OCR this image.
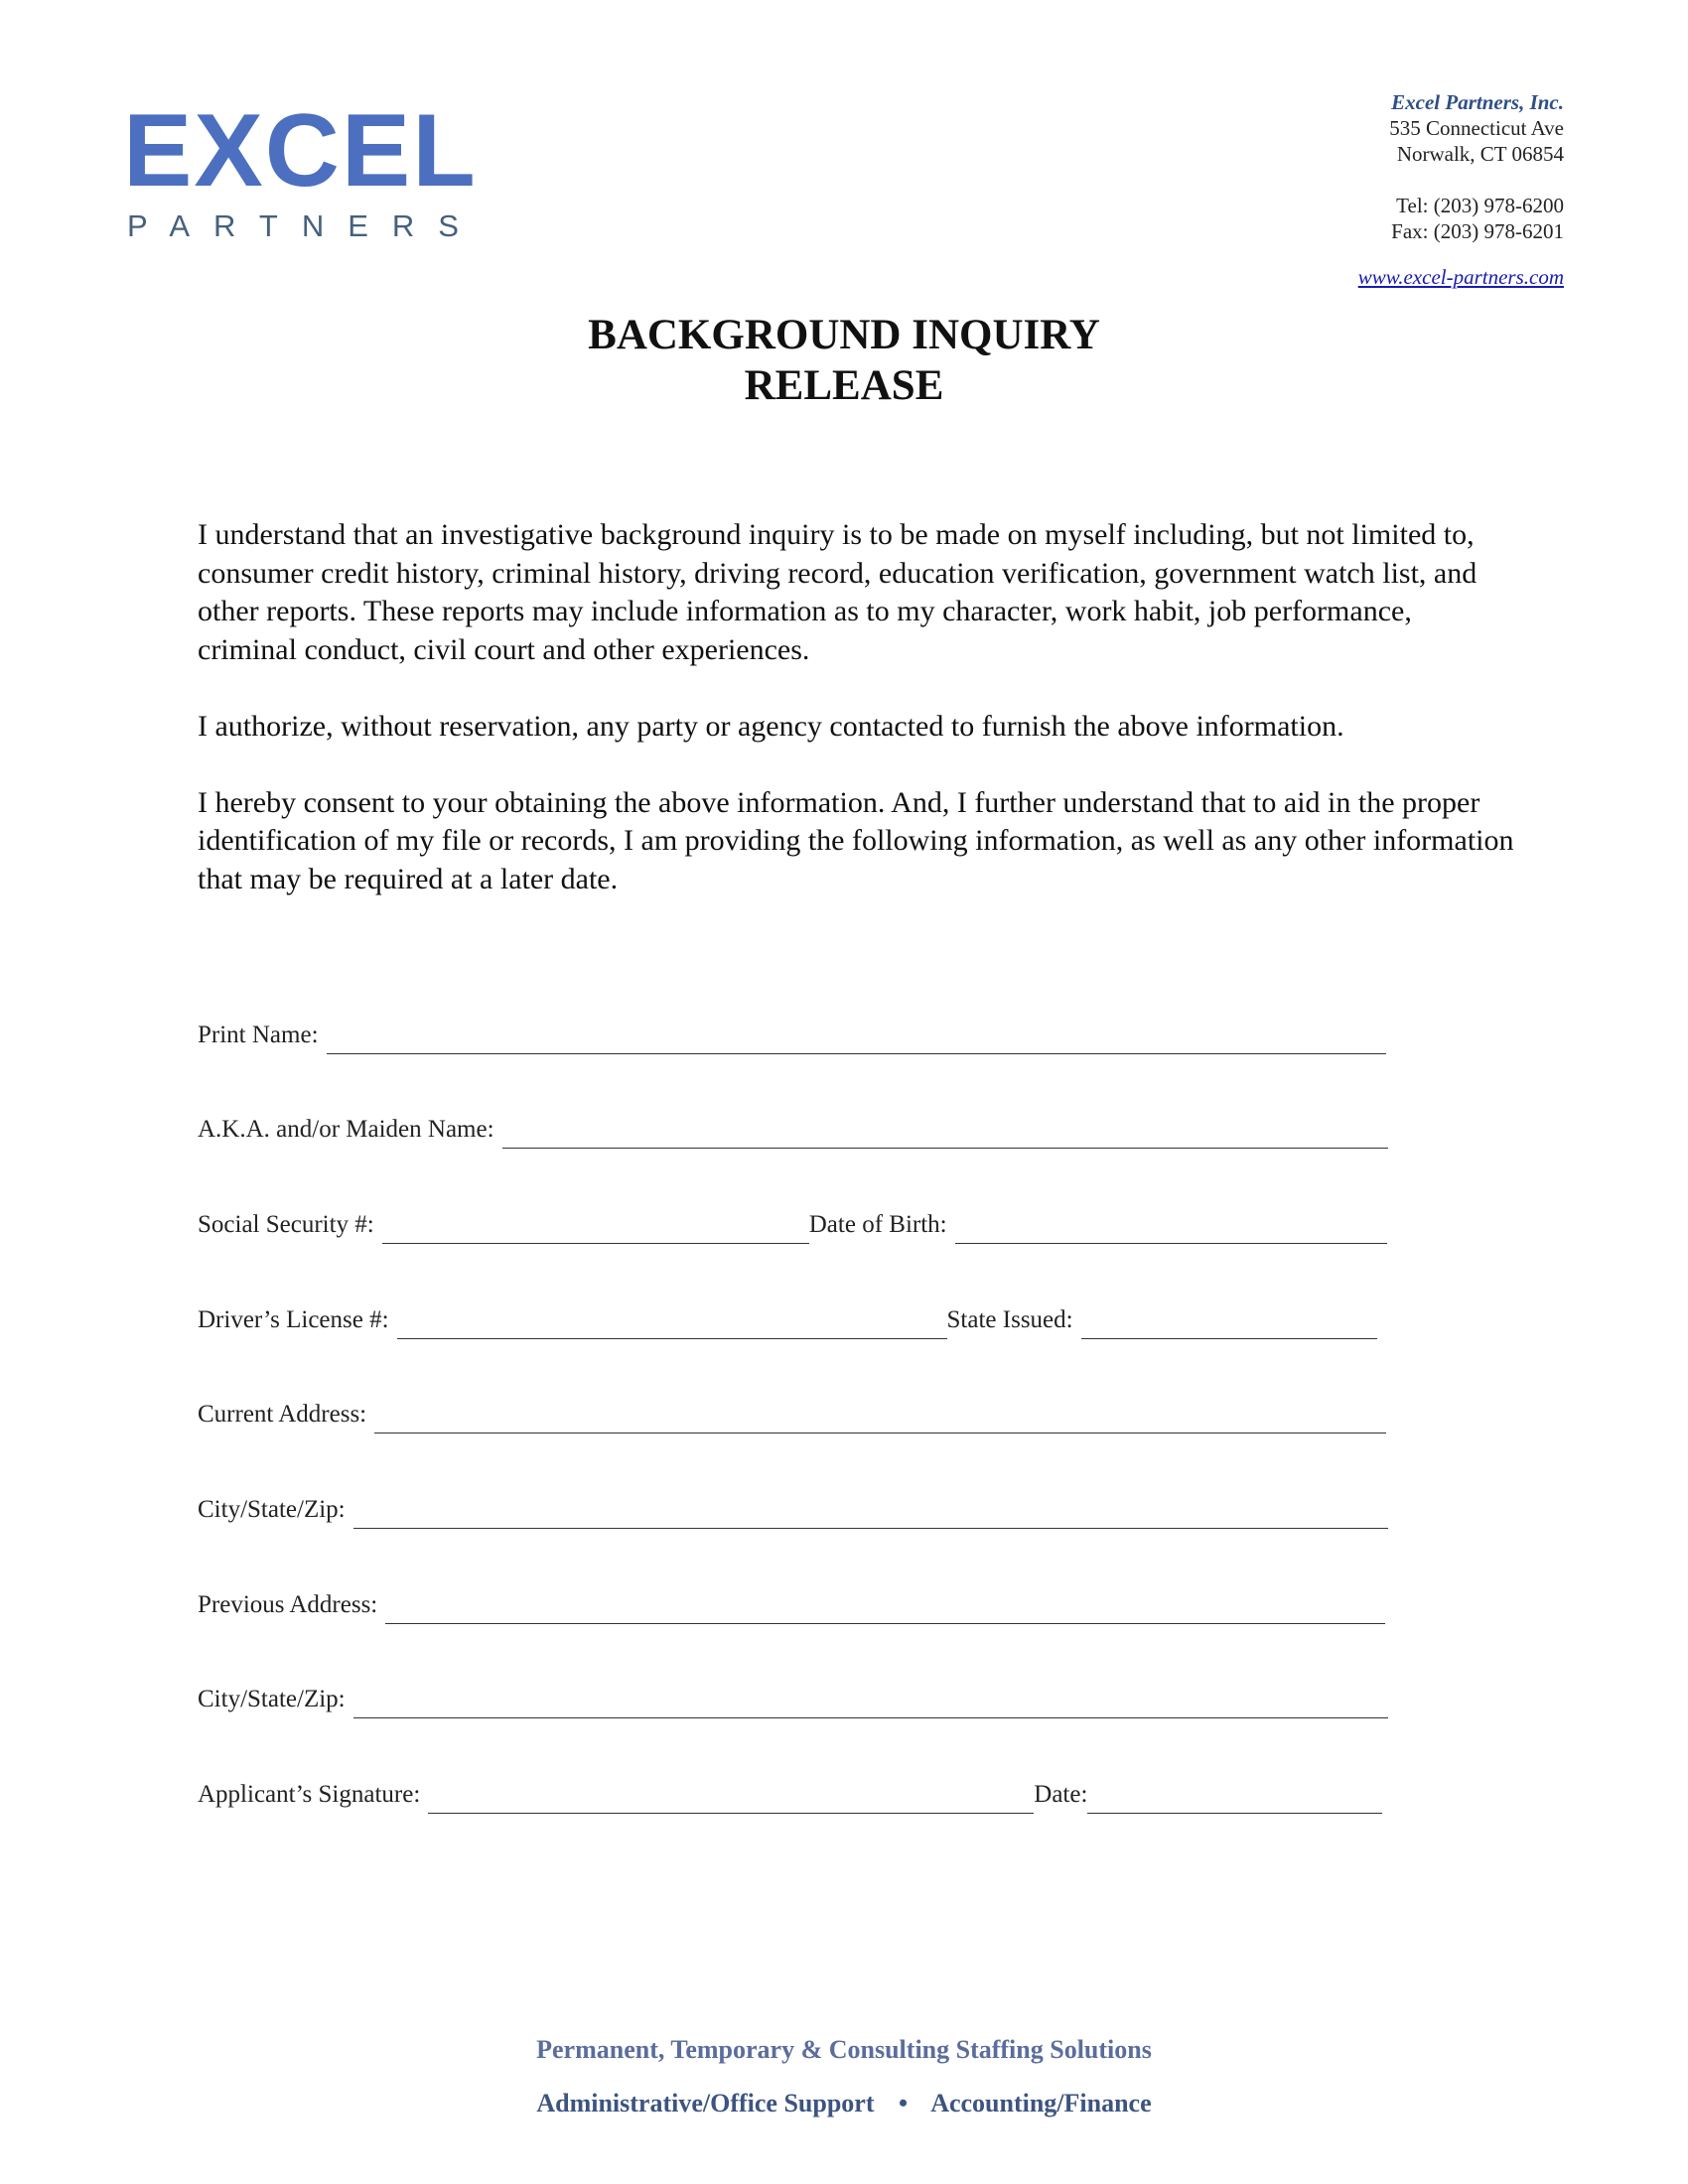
EXCEL
PARTNERS
Excel Partners, Inc.
535 Connecticut Ave
Norwalk, CT 06854
Tel: (203) 978-6200
Fax: (203) 978-6201
www.excel-partners.com
BACKGROUND INQUIRY
RELEASE

I understand that an investigative background inquiry is to be made on myself including, but not limited to, consumer credit history, criminal history, driving record, education verification, government watch list, and other reports. These reports may include information as to my character, work habit, job performance, criminal conduct, civil court and other experiences.

I authorize, without reservation, any party or agency contacted to furnish the above information.

I hereby consent to your obtaining the above information. And, I further understand that to aid in the proper identification of my file or records, I am providing the following information, as well as any other information that may be required at a later date.

Print Name:
A.K.A. and/or Maiden Name:
Social Security #:	Date of Birth:
Driver’s License #:	State Issued:
Current Address:
City/State/Zip:
Previous Address:
City/State/Zip:
Applicant’s Signature:	Date:
Permanent, Temporary & Consulting Staffing Solutions
Administrative/Office Support • Accounting/Finance
